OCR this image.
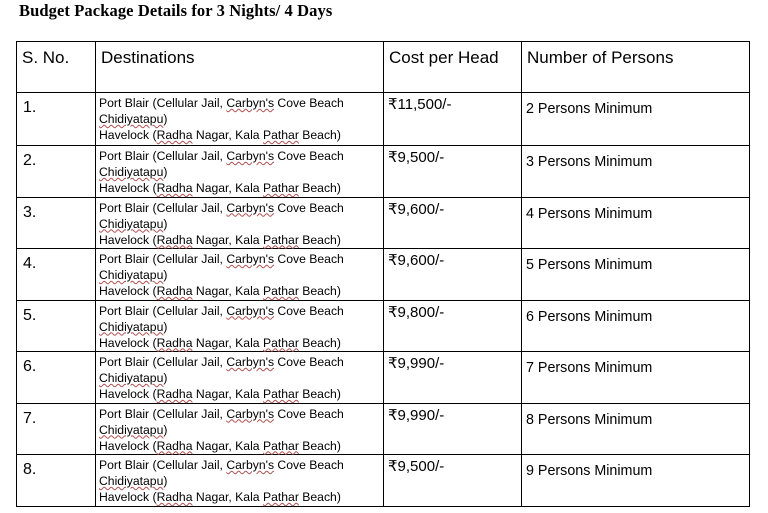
Budget Package Details for 3 Nights/ 4 Days
S. No.	Destinations	Cost per Head	Number of Persons

1.	Port Blair (Cellular Jail, Carbyn's Cove Beach
Chidiyatapu)
Havelock (Radha Nagar, Kala Pathar Beach)	₹11,500/-	2 Persons Minimum

2.	Port Blair (Cellular Jail, Carbyn's Cove Beach
Chidiyatapu)
Havelock (Radha Nagar, Kala Pathar Beach)	₹9,500/-	3 Persons Minimum

3.	Port Blair (Cellular Jail, Carbyn's Cove Beach
Chidiyatapu)
Havelock (Radha Nagar, Kala Pathar Beach)	₹9,600/-	4 Persons Minimum

4.	Port Blair (Cellular Jail, Carbyn's Cove Beach
Chidiyatapu)
Havelock (Radha Nagar, Kala Pathar Beach)	₹9,600/-	5 Persons Minimum

5.	Port Blair (Cellular Jail, Carbyn's Cove Beach
Chidiyatapu)
Havelock (Radha Nagar, Kala Pathar Beach)	₹9,800/-	6 Persons Minimum

6.	Port Blair (Cellular Jail, Carbyn's Cove Beach
Chidiyatapu)
Havelock (Radha Nagar, Kala Pathar Beach)	₹9,990/-	7 Persons Minimum

7.	Port Blair (Cellular Jail, Carbyn's Cove Beach
Chidiyatapu)
Havelock (Radha Nagar, Kala Pathar Beach)	₹9,990/-	8 Persons Minimum

8.	Port Blair (Cellular Jail, Carbyn's Cove Beach
Chidiyatapu)
Havelock (Radha Nagar, Kala Pathar Beach)	₹9,500/-	9 Persons Minimum
